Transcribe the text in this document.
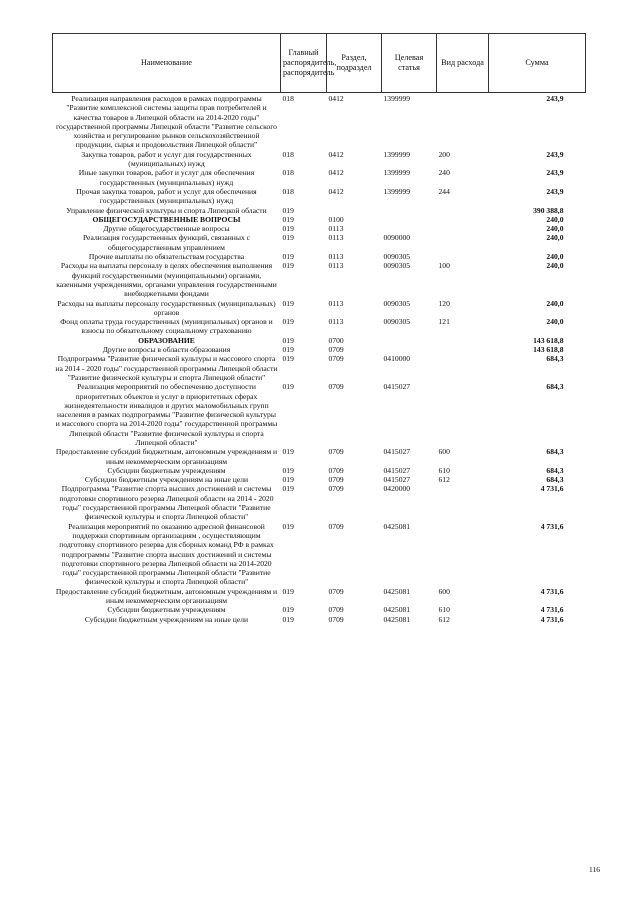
Наименование	Главный распорядитель, распорядитель	Раздел, подраздел	Целевая статья	Вид расхода	Сумма
Реализация направления расходов в рамках подпрограммы "Развитие комплексной системы защиты прав потребителей и качества товаров в Липецкой области на 2014-2020 годы" государственной программы Липецкой области "Развитие сельского хозяйства и регулирование рынков сельскохозяйственной продукции, сырья и продовольствия Липецкой области"	018	0412	1399999		243,9
Закупка товаров, работ и услуг для государственных (муниципальных) нужд	018	0412	1399999	200	243,9
Иные закупки товаров, работ и услуг для обеспечения государственных (муниципальных) нужд	018	0412	1399999	240	243,9
Прочая закупка товаров, работ и услуг для обеспечения государственных (муниципальных) нужд	018	0412	1399999	244	243,9
Управление физической культуры и спорта Липецкой области	019				390 388,8
ОБЩЕГОСУДАРСТВЕННЫЕ ВОПРОСЫ	019	0100			240,0
Другие общегосударственные вопросы	019	0113			240,0
Реализация государственных функций, связанных с общегосударственным управлением	019	0113	0090000		240,0
Прочие выплаты по обязательствам государства	019	0113	0090305		240,0
Расходы на выплаты персоналу в целях обеспечения выполнения функций государственными (муниципальными) органами, казенными учреждениями, органами управления государственными внебюджетными фондами	019	0113	0090305	100	240,0
Расходы на выплаты персоналу государственных (муниципальных) органов	019	0113	0090305	120	240,0
Фонд оплаты труда государственных (муниципальных) органов и взносы по обязательному социальному страхованию	019	0113	0090305	121	240,0
ОБРАЗОВАНИЕ	019	0700			143 618,8
Другие вопросы в области образования	019	0709			143 618,8
Подпрограмма "Развитие физической культуры и массового спорта на 2014 - 2020 годы" государственной программы Липецкой области "Развитие физической культуры и спорта Липецкой области"	019	0709	0410000		684,3
Реализация мероприятий по обеспечению доступности приоритетных объектов и услуг в приоритетных сферах жизнедеятельности инвалидов и других маломобильных групп населения в рамках подпрограммы "Развитие физической культуры и массового спорта на 2014-2020 годы" государственной программы Липецкой области "Развитие физической культуры и спорта Липецкой области"	019	0709	0415027		684,3
Предоставление субсидий бюджетным, автономным учреждениям и иным некоммерческим организациям	019	0709	0415027	600	684,3
Субсидии бюджетным учреждениям	019	0709	0415027	610	684,3
Субсидии бюджетным учреждениям на иные цели	019	0709	0415027	612	684,3
Подпрограмма "Развитие спорта высших достижений и системы подготовки спортивного резерва Липецкой области на 2014 - 2020 годы" государственной программы Липецкой области "Развитие физической культуры и спорта Липецкой области"	019	0709	0420000		4 731,6
Реализация мероприятий по оказанию адресной финансовой поддержки спортивным организациям , осуществляющим подготовку спортивного резерва для сборных команд РФ в рамках подпрограммы "Развитие спорта высших достижений и системы подготовки спортивного резерва Липецкой области на 2014-2020 годы" государственной программы Липецкой области "Развитие физической культуры и спорта Липецкой области"	019	0709	0425081		4 731,6
Предоставление субсидий бюджетным, автономным учреждениям и иным некоммерческим организациям	019	0709	0425081	600	4 731,6
Субсидии бюджетным учреждениям	019	0709	0425081	610	4 731,6
Субсидии бюджетным учреждениям на иные цели	019	0709	0425081	612	4 731,6
116
